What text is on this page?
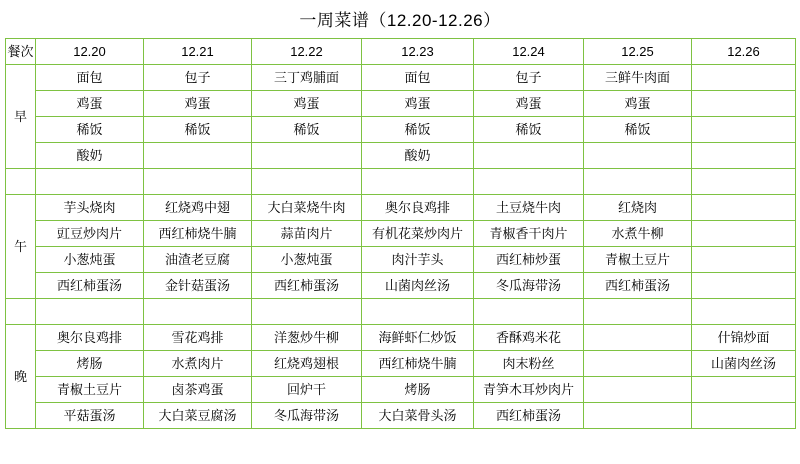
一周菜谱（12.20-12.26）
餐次	12.20	12.21	12.22	12.23	12.24	12.25	12.26
早	面包	包子	三丁鸡脯面	面包	包子	三鲜牛肉面	
	鸡蛋	鸡蛋	鸡蛋	鸡蛋	鸡蛋	鸡蛋	
	稀饭	稀饭	稀饭	稀饭	稀饭	稀饭	
	酸奶			酸奶			

午	芋头烧肉	红烧鸡中翅	大白菜烧牛肉	奥尔良鸡排	土豆烧牛肉	红烧肉	
	豇豆炒肉片	西红柿烧牛腩	蒜苗肉片	有机花菜炒肉片	青椒香干肉片	水煮牛柳	
	小葱炖蛋	油渣老豆腐	小葱炖蛋	肉汁芋头	西红柿炒蛋	青椒土豆片	
	西红柿蛋汤	金针菇蛋汤	西红柿蛋汤	山菌肉丝汤	冬瓜海带汤	西红柿蛋汤	

晚	奥尔良鸡排	雪花鸡排	洋葱炒牛柳	海鲜虾仁炒饭	香酥鸡米花		什锦炒面
	烤肠	水煮肉片	红烧鸡翅根	西红柿烧牛腩	肉末粉丝		山菌肉丝汤
	青椒土豆片	卤茶鸡蛋	回炉干	烤肠	青笋木耳炒肉片		
	平菇蛋汤	大白菜豆腐汤	冬瓜海带汤	大白菜骨头汤	西红柿蛋汤		
